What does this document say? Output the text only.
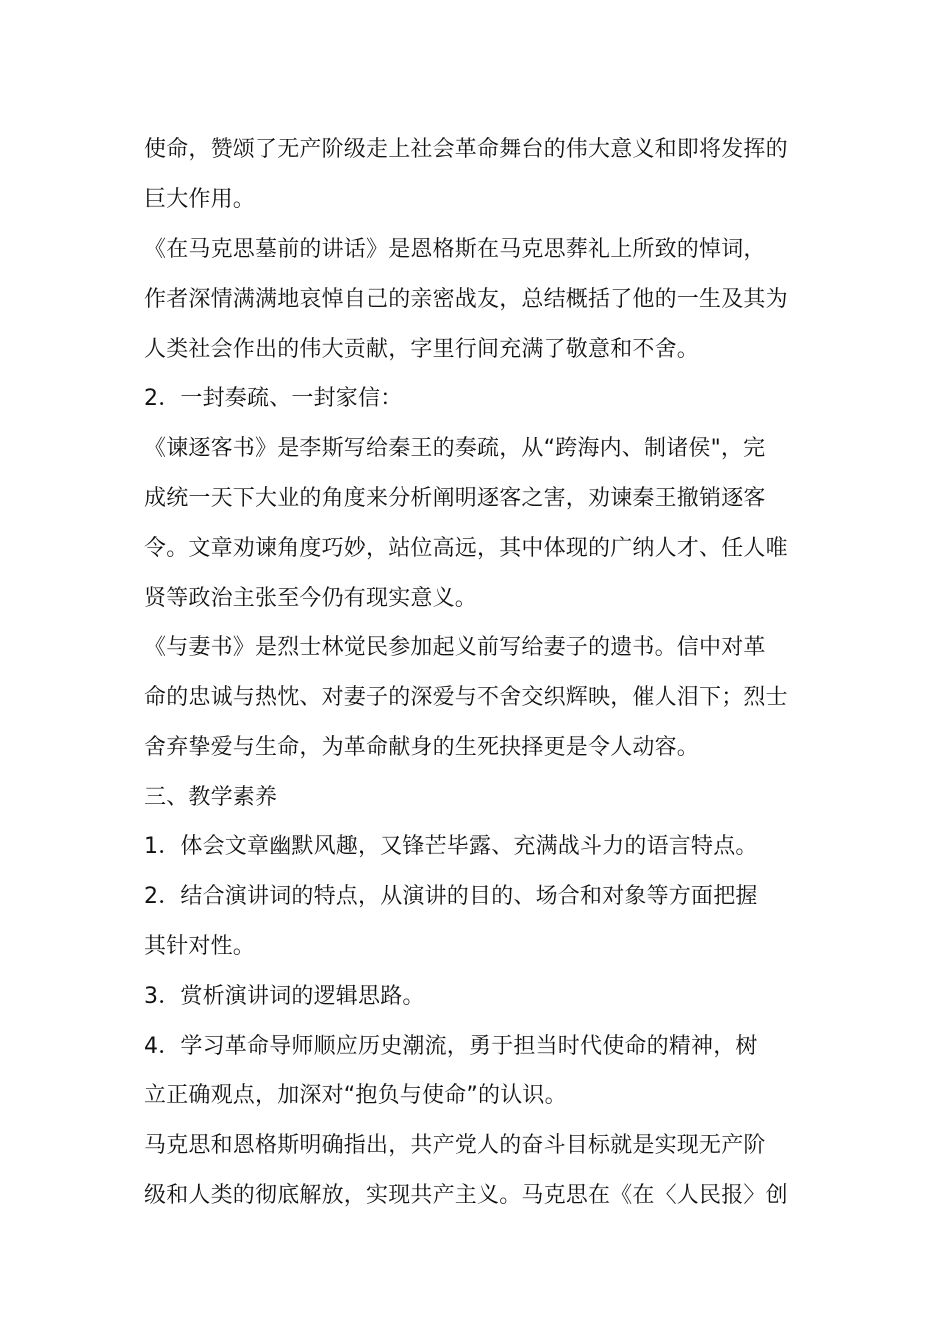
使命，赞颂了无产阶级走上社会革命舞台的伟大意义和即将发挥的
巨大作用。
《在马克思墓前的讲话》是恩格斯在马克思葬礼上所致的悼词，
作者深情满满地哀悼自己的亲密战友，总结概括了他的一生及其为
人类社会作出的伟大贡献，字里行间充满了敬意和不舍。
2．一封奏疏、一封家信：
《谏逐客书》是李斯写给秦王的奏疏，从“跨海内、制诸侯"，完
成统一天下大业的角度来分析阐明逐客之害，劝谏秦王撤销逐客
令。文章劝谏角度巧妙，站位高远，其中体现的广纳人才、任人唯
贤等政治主张至今仍有现实意义。
《与妻书》是烈士林觉民参加起义前写给妻子的遗书。信中对革
命的忠诚与热忱、对妻子的深爱与不舍交织辉映，催人泪下；烈士
舍弃挚爱与生命，为革命献身的生死抉择更是令人动容。
三、教学素养
1．体会文章幽默风趣，又锋芒毕露、充满战斗力的语言特点。
2．结合演讲词的特点，从演讲的目的、场合和对象等方面把握
其针对性。
3．赏析演讲词的逻辑思路。
4．学习革命导师顺应历史潮流，勇于担当时代使命的精神，树
立正确观点，加深对“抱负与使命”的认识。
马克思和恩格斯明确指出，共产党人的奋斗目标就是实现无产阶
级和人类的彻底解放，实现共产主义。马克思在《在〈人民报〉创
